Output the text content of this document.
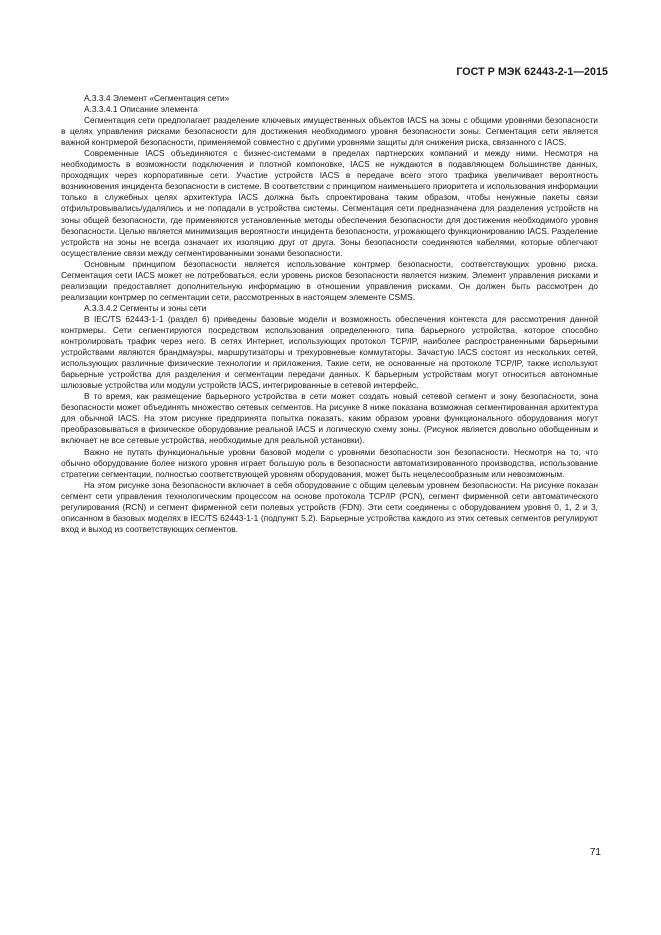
ГОСТ Р МЭК 62443-2-1—2015

А.3.3.4 Элемент «Сегментация сети»

А.3.3.4.1 Описание элемента

Сегментация сети предполагает разделение ключевых имущественных объектов IACS на зоны с общими уровнями безопасности в целях управления рисками безопасности для достижения необходимого уровня безопасности зоны. Сегментация сети является важной контрмерой безопасности, применяемой совместно с другими уровнями защиты для снижения риска, связанного с IACS.

Современные IACS объединяются с бизнес-системами в пределах партнерских компаний и между ними. Несмотря на необходимость в возможности подключения и плотной компоновке, IACS не нуждаются в подавляющем большинстве данных, проходящих через корпоративные сети. Участие устройств IACS в передаче всего этого трафика увеличивает вероятность возникновения инцидента безопасности в системе. В соответствии с принципом наименьшего приоритета и использования информации только в служебных целях архитектура IACS должна быть спроектирована таким образом, чтобы ненужные пакеты связи отфильтровывались/удалялись и не попадали в устройства системы. Сегментация сети предназначена для разделения устройств на зоны общей безопасности, где применяются установленные методы обеспечения безопасности для достижения необходимого уровня безопасности. Целью является минимизация вероятности инцидента безопасности, угрожающего функционированию IACS. Разделение устройств на зоны не всегда означает их изоляцию друг от друга. Зоны безопасности соединяются кабелями, которые облегчают осуществление связи между сегментированными зонами безопасности.

Основным принципом безопасности является использование контрмер безопасности, соответствующих уровню риска. Сегментация сети IACS может не потребоваться, если уровень рисков безопасности является низким. Элемент управления рисками и реализации предоставляет дополнительную информацию в отношении управления рисками. Он должен быть рассмотрен до реализации контрмер по сегментации сети, рассмотренных в настоящем элементе CSMS.

А.3.3.4.2 Сегменты и зоны сети

В IEC/TS 62443-1-1 (раздел 6) приведены базовые модели и возможность обеспечения контекста для рассмотрения данной контрмеры. Сети сегментируются посредством использования определенного типа барьерного устройства, которое способно контролировать трафик через него. В сетях Интернет, использующих протокол TCP/IP, наиболее распространенными барьерными устройствами являются брандмауэры, маршрутизаторы и трехуровневые коммутаторы. Зачастую IACS состоят из нескольких сетей, использующих различные физические технологии и приложения. Такие сети, не основанные на протоколе TCP/IP, также используют барьерные устройства для разделения и сегментации передачи данных. К барьерным устройствам могут относиться автономные шлюзовые устройства или модули устройств IACS, интегрированные в сетевой интерфейс.

В то время, как размещение барьерного устройства в сети может создать новый сетевой сегмент и зону безопасности, зона безопасности может объединять множество сетевых сегментов. На рисунке 8 ниже показана возможная сегментированная архитектура для обычной IACS. На этом рисунке предпринята попытка показать, каким образом уровни функционального оборудования могут преобразовываться в физическое оборудование реальной IACS и логическую схему зоны. (Рисунок является довольно обобщенным и включает не все сетевые устройства, необходимые для реальной установки).

Важно не путать функциональные уровни базовой модели с уровнями безопасности зон безопасности. Несмотря на то, что обычно оборудование более низкого уровня играет большую роль в безопасности автоматизированного производства, использование стратегии сегментации, полностью соответствующей уровням оборудования, может быть нецелесообразным или невозможным.

На этом рисунке зона безопасности включает в себя оборудование с общим целевым уровнем безопасности. На рисунке показан сегмент сети управления технологическим процессом на основе протокола TCP/IP (PCN), сегмент фирменной сети автоматического регулирования (RCN) и сегмент фирменной сети полевых устройств (FDN). Эти сети соединены с оборудованием уровня 0, 1, 2 и 3, описанном в базовых моделях в IEC/TS 62443-1-1 (подпункт 5.2). Барьерные устройства каждого из этих сетевых сегментов регулируют вход и выход из соответствующих сегментов.

71
